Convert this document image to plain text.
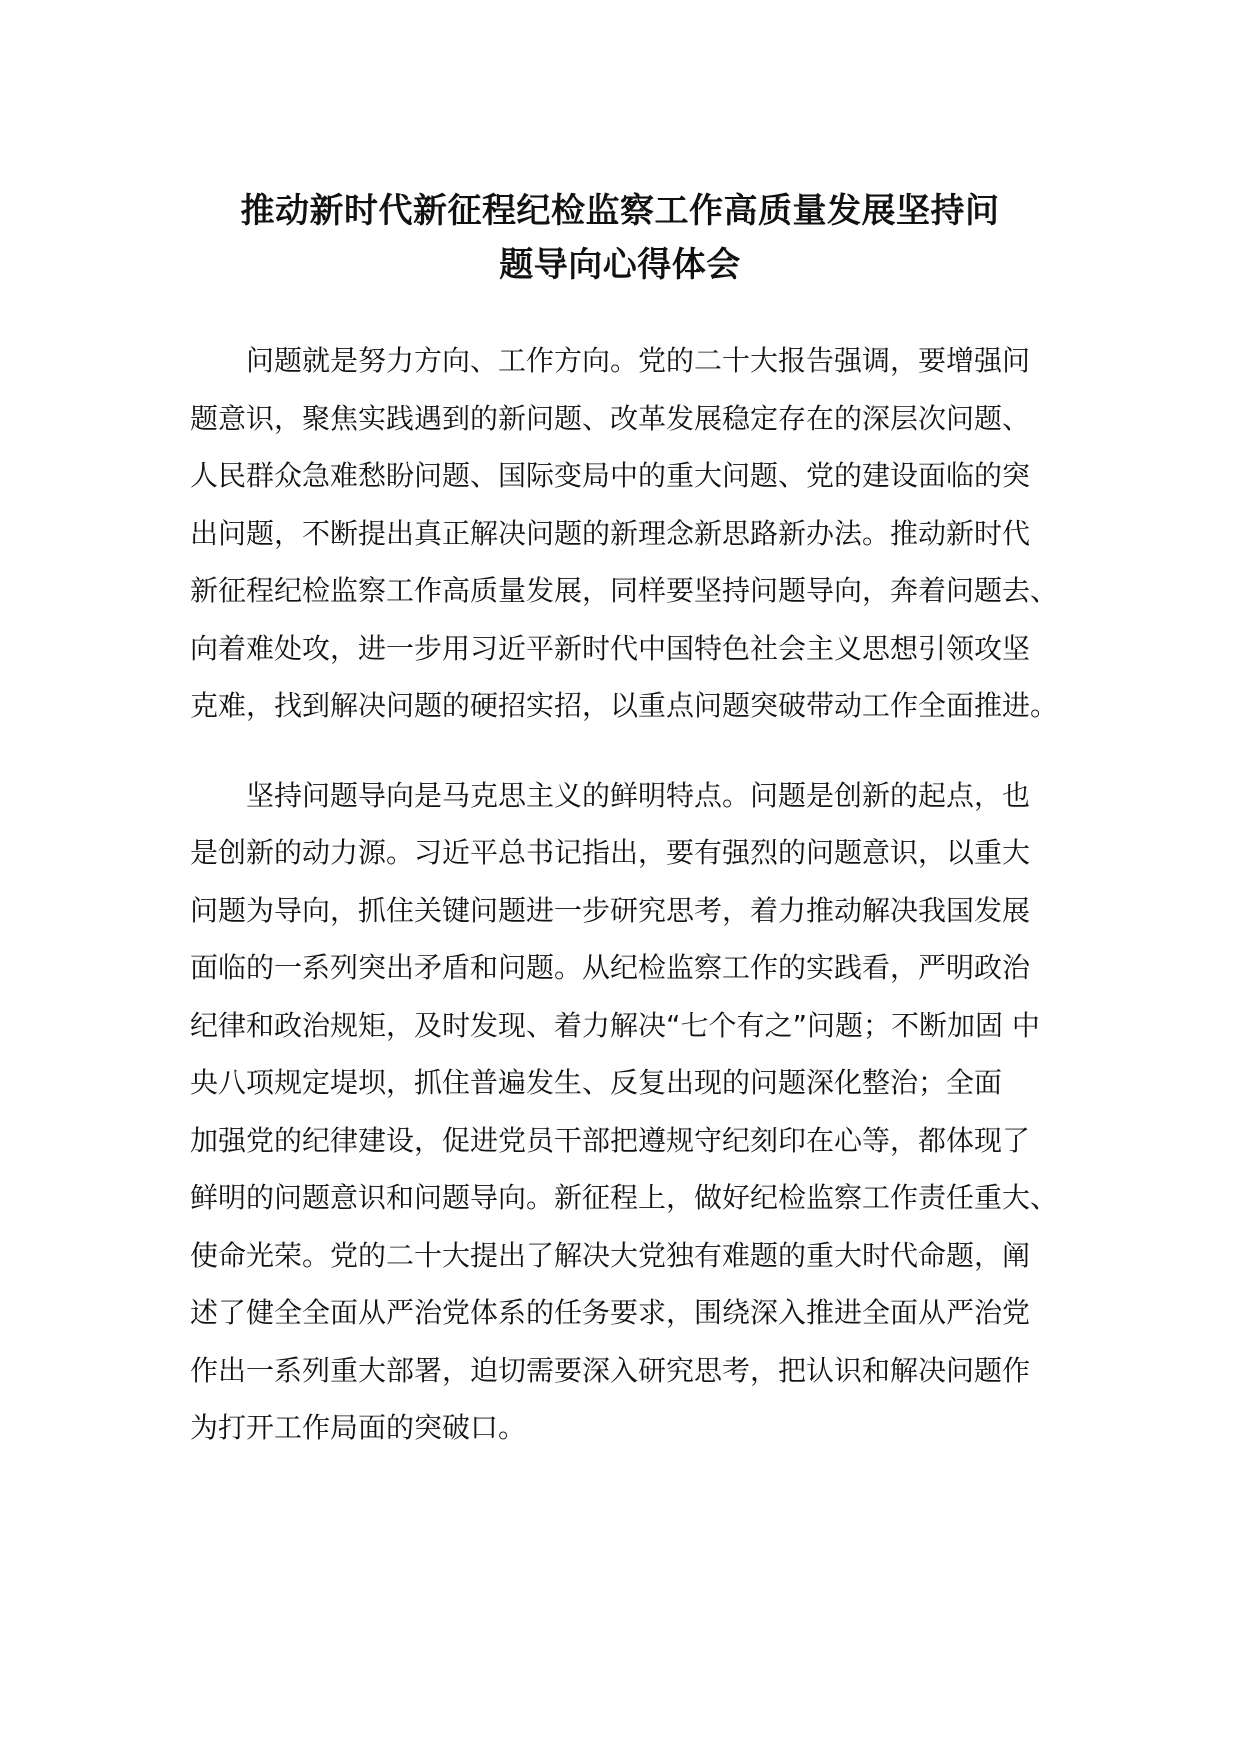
推动新时代新征程纪检监察工作高质量发展坚持问
题导向心得体会

问题就是努力方向、工作方向。党的二十大报告强调，要增强问
题意识，聚焦实践遇到的新问题、改革发展稳定存在的深层次问题、
人民群众急难愁盼问题、国际变局中的重大问题、党的建设面临的突
出问题，不断提出真正解决问题的新理念新思路新办法。推动新时代
新征程纪检监察工作高质量发展，同样要坚持问题导向，奔着问题去、
向着难处攻，进一步用习近平新时代中国特色社会主义思想引领攻坚
克难，找到解决问题的硬招实招，以重点问题突破带动工作全面推进。

坚持问题导向是马克思主义的鲜明特点。问题是创新的起点，也
是创新的动力源。习近平总书记指出，要有强烈的问题意识，以重大
问题为导向，抓住关键问题进一步研究思考，着力推动解决我国发展
面临的一系列突出矛盾和问题。从纪检监察工作的实践看，严明政治
纪律和政治规矩，及时发现、着力解决“七个有之”问题；不断加固 中
央八项规定堤坝，抓住普遍发生、反复出现的问题深化整治；全面
加强党的纪律建设，促进党员干部把遵规守纪刻印在心等，都体现了
鲜明的问题意识和问题导向。新征程上，做好纪检监察工作责任重大、
使命光荣。党的二十大提出了解决大党独有难题的重大时代命题，阐
述了健全全面从严治党体系的任务要求，围绕深入推进全面从严治党
作出一系列重大部署，迫切需要深入研究思考，把认识和解决问题作
为打开工作局面的突破口。
